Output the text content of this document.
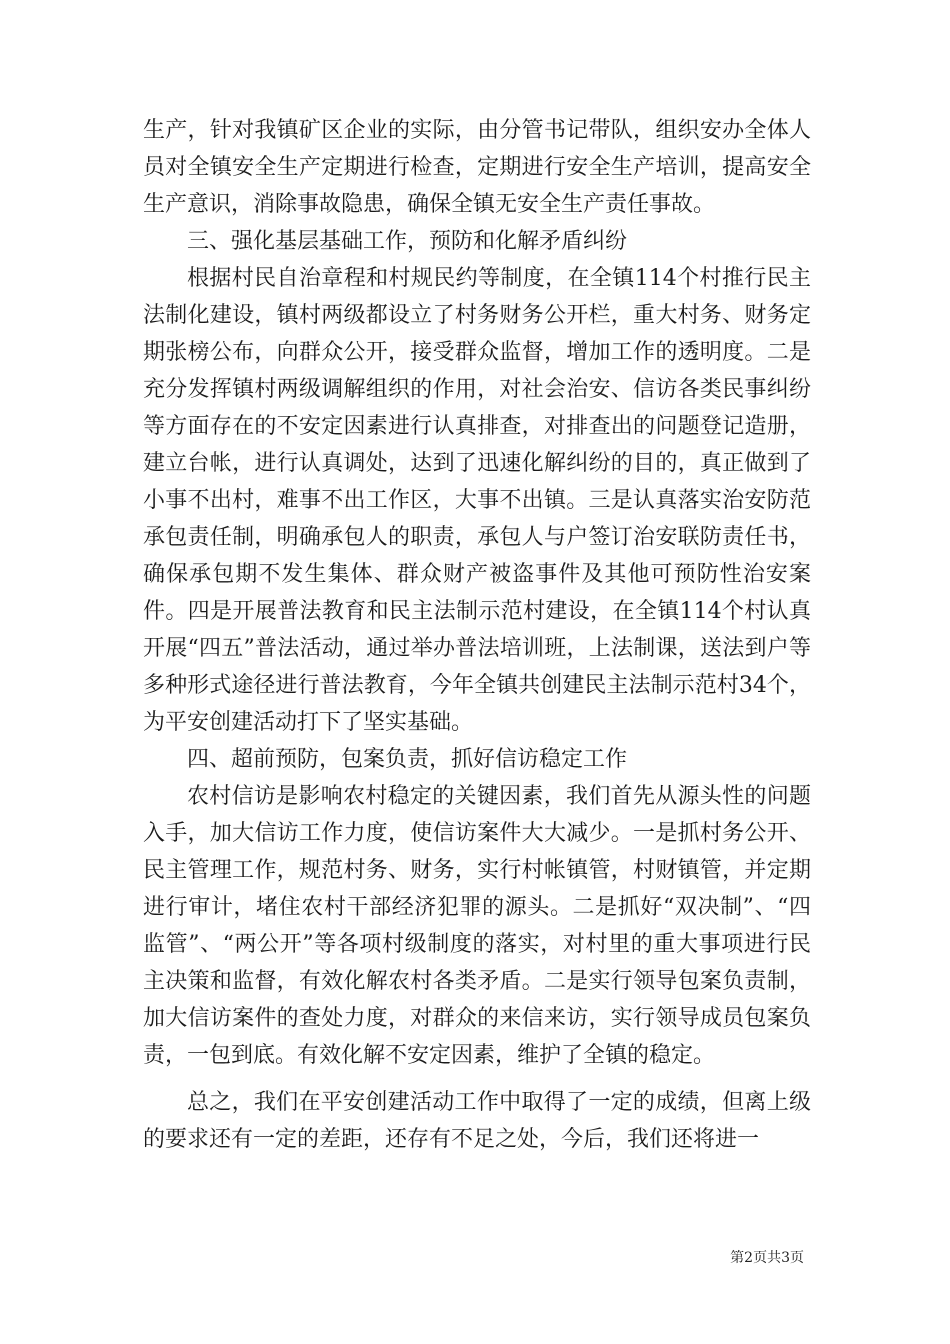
生产，针对我镇矿区企业的实际，由分管书记带队，组织安办全体人员对全镇安全生产定期进行检查，定期进行安全生产培训，提高安全生产意识，消除事故隐患，确保全镇无安全生产责任事故。

三、强化基层基础工作，预防和化解矛盾纠纷

根据村民自治章程和村规民约等制度，在全镇114个村推行民主法制化建设，镇村两级都设立了村务财务公开栏，重大村务、财务定期张榜公布，向群众公开，接受群众监督，增加工作的透明度。二是充分发挥镇村两级调解组织的作用，对社会治安、信访各类民事纠纷等方面存在的不安定因素进行认真排查，对排查出的问题登记造册，建立台帐，进行认真调处，达到了迅速化解纠纷的目的，真正做到了小事不出村，难事不出工作区，大事不出镇。三是认真落实治安防范承包责任制，明确承包人的职责，承包人与户签订治安联防责任书，确保承包期不发生集体、群众财产被盗事件及其他可预防性治安案件。四是开展普法教育和民主法制示范村建设，在全镇114个村认真开展“四五”普法活动，通过举办普法培训班，上法制课，送法到户等多种形式途径进行普法教育，今年全镇共创建民主法制示范村34个，为平安创建活动打下了坚实基础。

四、超前预防，包案负责，抓好信访稳定工作

农村信访是影响农村稳定的关键因素，我们首先从源头性的问题入手，加大信访工作力度，使信访案件大大减少。一是抓村务公开、民主管理工作，规范村务、财务，实行村帐镇管，村财镇管，并定期进行审计，堵住农村干部经济犯罪的源头。二是抓好“双决制”、“四监管”、“两公开”等各项村级制度的落实，对村里的重大事项进行民主决策和监督，有效化解农村各类矛盾。二是实行领导包案负责制，加大信访案件的查处力度，对群众的来信来访，实行领导成员包案负责，一包到底。有效化解不安定因素，维护了全镇的稳定。

总之，我们在平安创建活动工作中取得了一定的成绩，但离上级的要求还有一定的差距，还存有不足之处，今后，我们还将进一

第2页共3页
